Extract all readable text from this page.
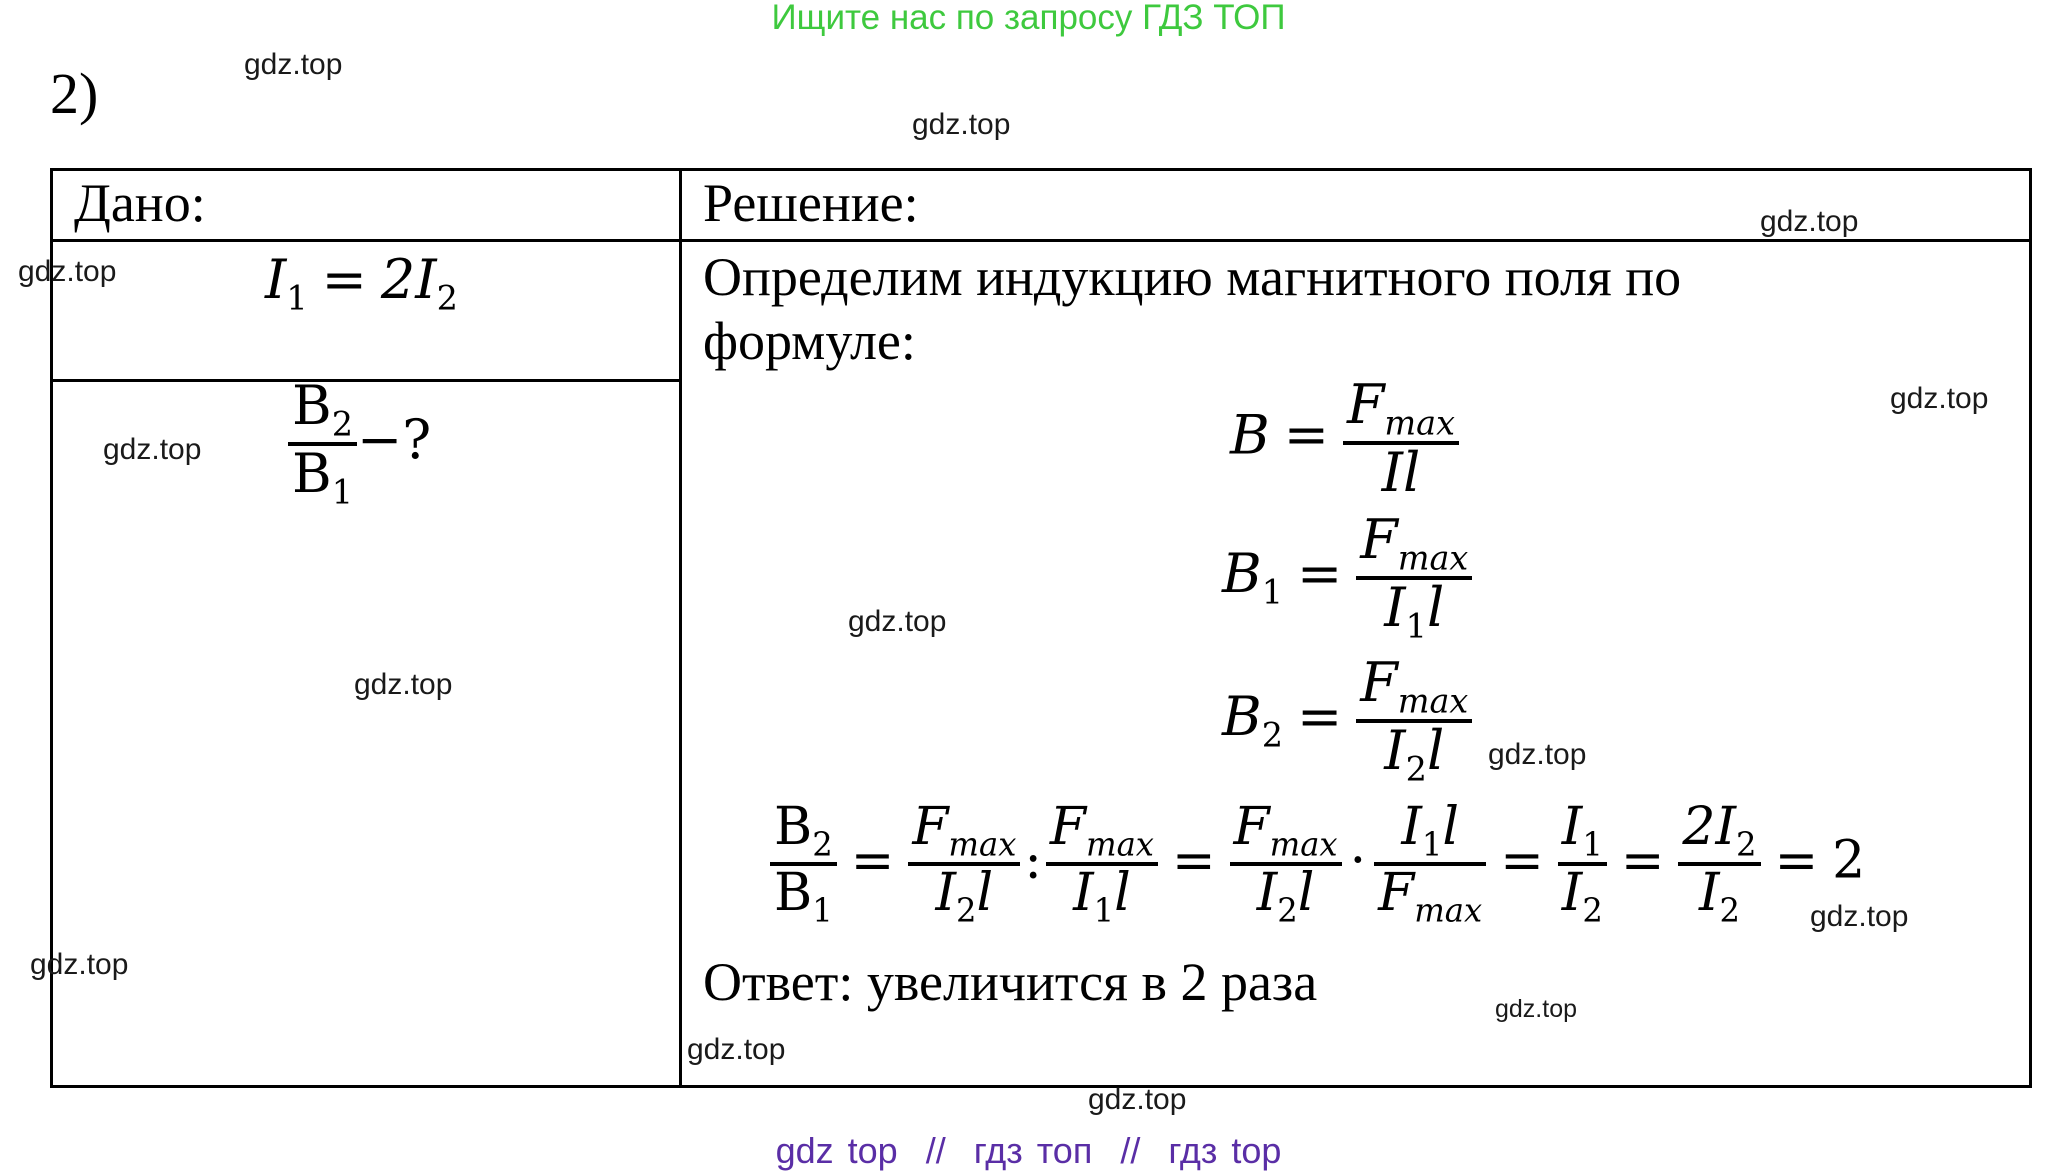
Ищите нас по запросу ГДЗ ТОП
2)
Дано:	Решение:
$I_1 = 2I_2$
$\frac{B_2}{B_1}$ −?
Определим индукцию магнитного поля по формуле:
$B = \frac{F_{max}}{Il}$
$B_1 = \frac{F_{max}}{I_1l}$
$B_2 = \frac{F_{max}}{I_2l}$
$\frac{B_2}{B_1} = \frac{F_{max}}{I_2l}$ : $\frac{F_{max}}{I_1l} = \frac{F_{max}}{I_2l} \cdot \frac{I_1l}{F_{max}} = \frac{I_1}{I_2} = \frac{2I_2}{I_2} = 2$
Ответ: увеличится в 2 раза
gdz.top
gdz.top
gdz.top
gdz.top
gdz.top
gdz.top
gdz.top
gdz.top
gdz.top
gdz.top
gdz.top
gdz.top
gdz.top
gdz.top
gdz top  //  гдз топ  //  гдз top
